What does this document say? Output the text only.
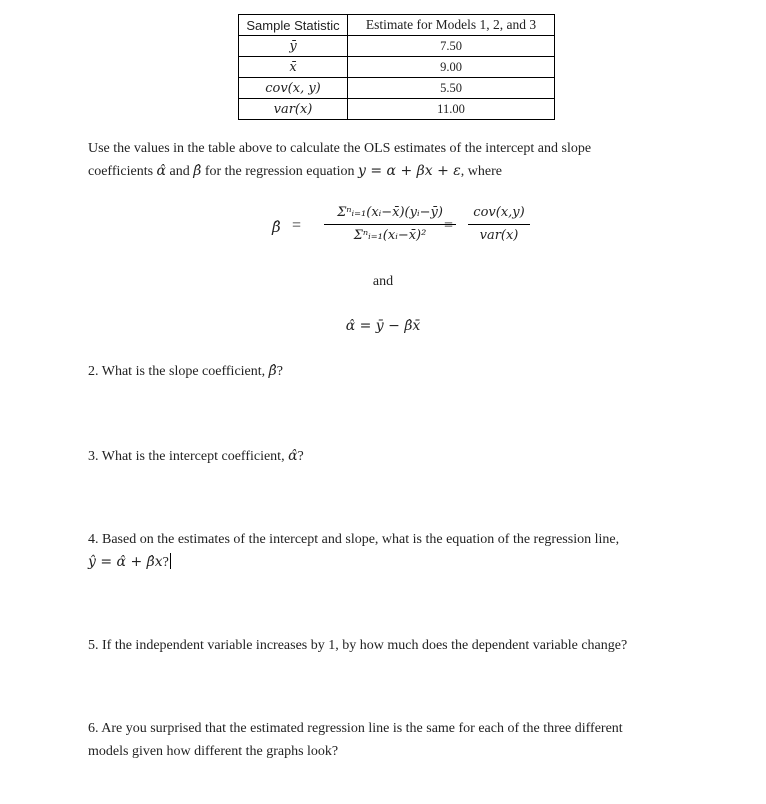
Sample Statistic	Estimate for Models 1, 2, and 3
ȳ	7.50
x̄	9.00
cov(x, y)	5.50
var(x)	11.00
Use the values in the table above to calculate the OLS estimates of the intercept and slope
coefficients α̂ and β̂ for the regression equation y = α + βx + ε, where
β̂ =
Σⁿᵢ₌₁(xᵢ−x̄)(yᵢ−ȳ)
Σⁿᵢ₌₁(xᵢ−x̄)²
=
cov(x,y)
var(x)
and
α̂ = ȳ − β̂x̄
2. What is the slope coefficient, β̂?
3. What is the intercept coefficient, α̂?
4. Based on the estimates of the intercept and slope, what is the equation of the regression line,
ŷ = α̂ + β̂x?
5. If the independent variable increases by 1, by how much does the dependent variable change?
6. Are you surprised that the estimated regression line is the same for each of the three different
models given how different the graphs look?
